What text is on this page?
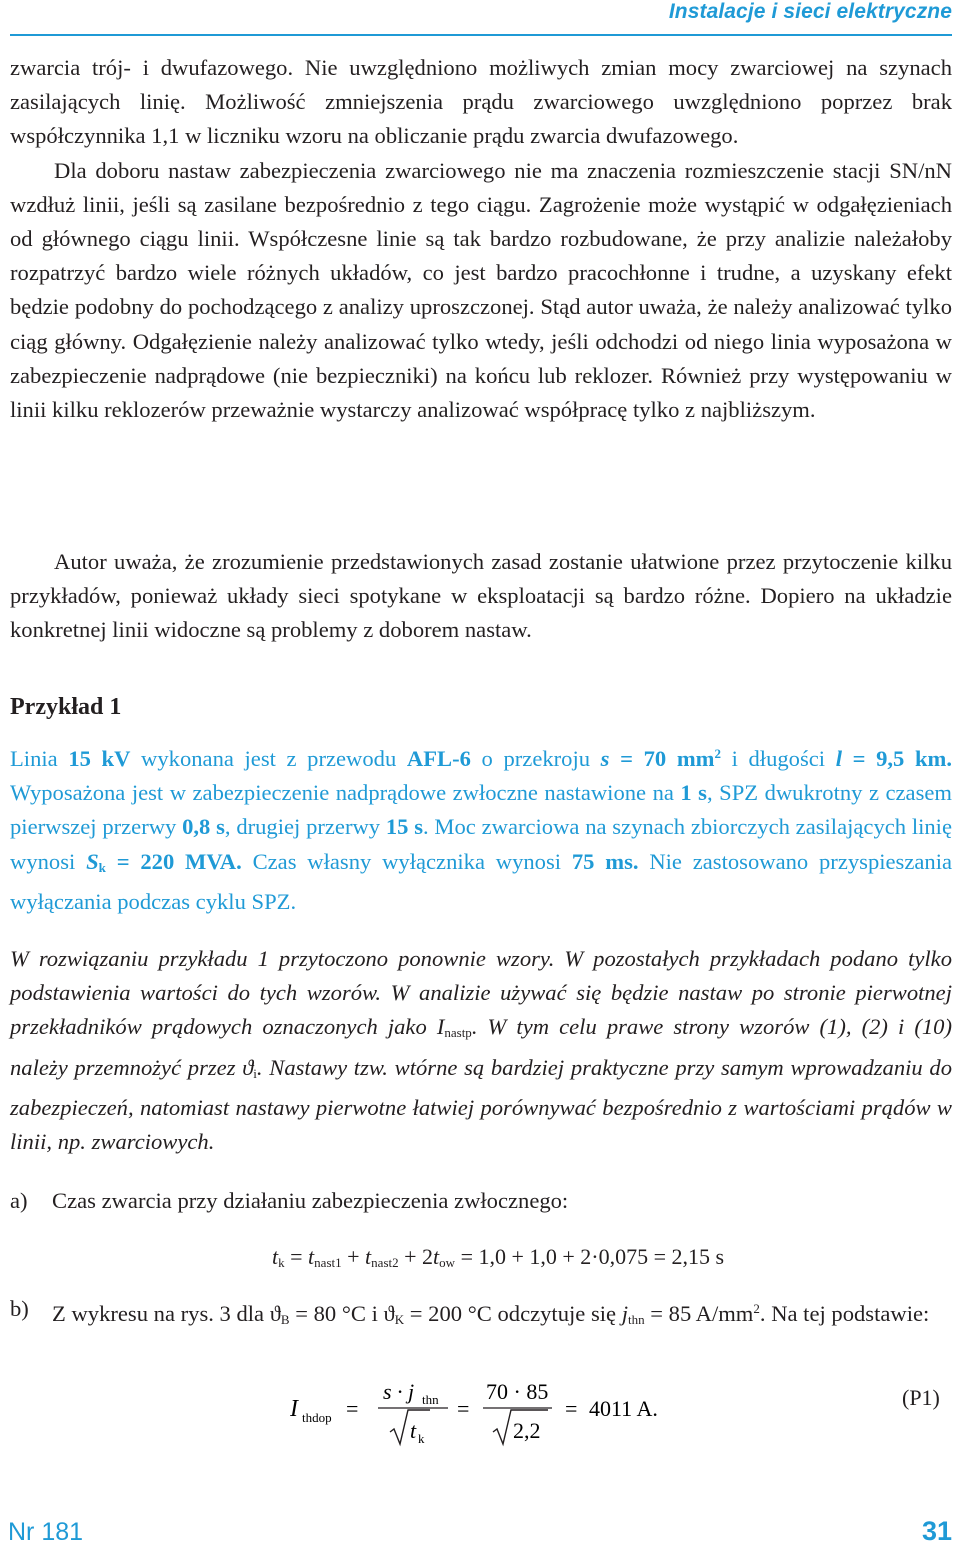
Instalacje i sieci elektryczne

zwarcia trój- i dwufazowego. Nie uwzględniono możliwych zmian mocy zwarciowej na szynach zasilających linię. Możliwość zmniejszenia prądu zwarciowego uwzględniono poprzez brak współczynnika 1,1 w liczniku wzoru na obliczanie prądu zwarcia dwufazowego.

Dla doboru nastaw zabezpieczenia zwarciowego nie ma znaczenia rozmieszczenie stacji SN/nN wzdłuż linii, jeśli są zasilane bezpośrednio z tego ciągu. Zagrożenie może wystąpić w odgałęzieniach od głównego ciągu linii. Współczesne linie są tak bardzo rozbudowane, że przy analizie należałoby rozpatrzyć bardzo wiele różnych układów, co jest bardzo pracochłonne i trudne, a uzyskany efekt będzie podobny do pochodzącego z analizy uproszczonej. Stąd autor uważa, że należy analizować tylko ciąg główny. Odgałęzienie należy analizować tylko wtedy, jeśli odchodzi od niego linia wyposażona w zabezpieczenie nadprądowe (nie bezpieczniki) na końcu lub reklozer. Również przy występowaniu w linii kilku reklozerów przeważnie wystarczy analizować współpracę tylko z najbliższym.

Autor uważa, że zrozumienie przedstawionych zasad zostanie ułatwione przez przytoczenie kilku przykładów, ponieważ układy sieci spotykane w eksploatacji są bardzo różne. Dopiero na układzie konkretnej linii widoczne są problemy z doborem nastaw.

Przykład 1
Linia 15 kV wykonana jest z przewodu AFL-6 o przekroju s = 70 $mm^2$ i długości l = 9,5 km. Wyposażona jest w zabezpieczenie nadprądowe zwłoczne nastawione na 1 s, SPZ dwukrotny z czasem pierwszej przerwy 0,8 s, drugiej przerwy 15 s. Moc zwarciowa na szynach zbiorczych zasilających linię wynosi $S_k = 220$ MVA. Czas własny wyłącznika wynosi 75 ms. Nie zastosowano przyspieszania wyłączania podczas cyklu SPZ.
W rozwiązaniu przykładu 1 przytoczono ponownie wzory. W pozostałych przykładach podano tylko podstawienia wartości do tych wzorów. W analizie używać się będzie nastaw po stronie pierwotnej przekładników prądowych oznaczonych jako $I_{nastp}$. W tym celu prawe strony wzorów (1), (2) i (10) należy przemnożyć przez $ϑ_i$. Nastawy tzw. wtórne są bardziej praktyczne przy samym wprowadzaniu do zabezpieczeń, natomiast nastawy pierwotne łatwiej porównywać bezpośrednio z wartościami prądów w linii, np. zwarciowych.
a) Czas zwarcia przy działaniu zabezpieczenia zwłocznego:
$t_k = t_{nast1} + t_{nast2} + 2t_{ow} = 1,0 + 1,0 + 2\cdot 0,075 = 2,15$ s
b) Z wykresu na rys. 3 dla $ϑ_B = 80$ °C i $ϑ_K = 200$ °C odczytuje się $j_{thn} = 85$ $A/mm^2$. Na tej podstawie:
I thdop =
s · j thn
t k
=
70 · 85
2,2
= 4011 A.	(P1)
Nr 181	31
